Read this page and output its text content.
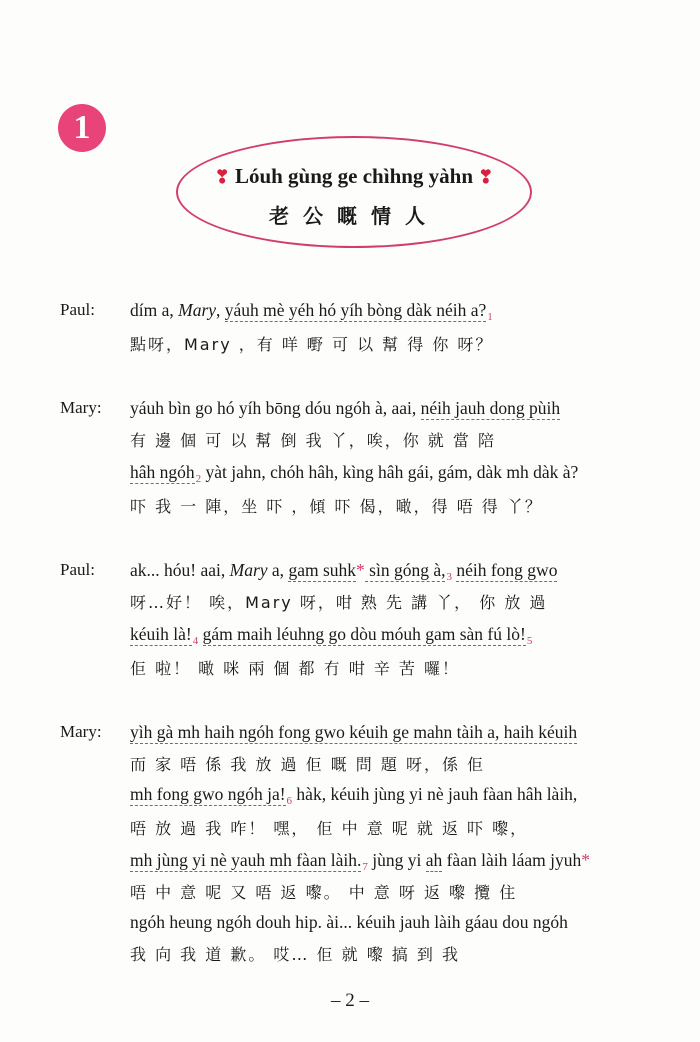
1
❣ Lóuh gùng ge chìhng yàhn ❣
老公嘅情人
Paul: dím a, Mary, yáuh mè yéh hó yíh bòng dàk néih $a?_1$
點呀，Mary ，有 咩 嘢 可 以 幫 得 你 呀？
Mary: yáuh bìn go hó yíh bōng dóu ngóh à, aai, néih jauh dong pùih
有 邊 個 可 以 幫 倒 我 丫，唉，你 就 當 陪
hâh ngóh$_2$ yàt jahn, chóh hâh, kìng hâh gái, gám, dàk mh dàk à?
吓 我 一 陣，坐 吓 ，傾 吓 偈，噉，得 唔 得 丫？
Paul: ak... hóu! aai, Mary a, gam suhk* sìn góng $à,_3$ néih fong gwo
呀…好！ 唉，Mary 呀，咁 熟 先 講 丫， 你 放 過
kéuih $là!_4$ gám maih léuhng go dòu móuh gam sàn fú $lò!_5$
佢 啦！ 噉 咪 兩 個 都 冇 咁 辛 苦 囉！
Mary: yìh gà mh haih ngóh fong gwo kéuih ge mahn tàih a, haih kéuih
而 家 唔 係 我 放 過 佢 嘅 問 題 呀，係 佢
mh fong gwo ngóh $ja!_6$ hàk, kéuih jùng yi nè jauh fàan hâh làih,
唔 放 過 我 咋！ 嘿， 佢 中 意 呢 就 返 吓 嚟，
mh jùng yi nè yauh mh fàan $làih._7$ jùng yi ah fàan làih láam jyuh*
唔 中 意 呢 又 唔 返 嚟。 中 意 呀 返 嚟 攬 住
ngóh heung ngóh douh hip. ài... kéuih jauh làih gáau dou ngóh
我 向 我 道 歉。 哎… 佢 就 嚟 搞 到 我
– 2 –
